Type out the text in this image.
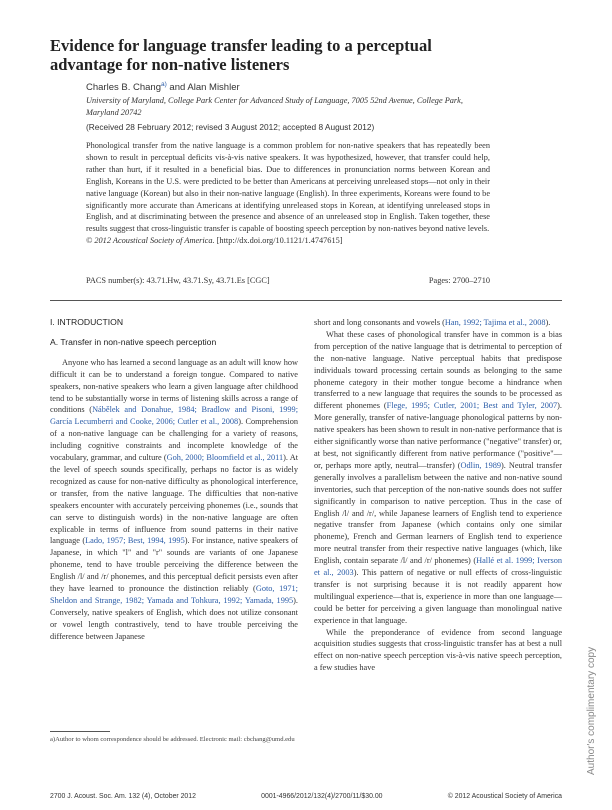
Evidence for language transfer leading to a perceptual advantage for non-native listeners
Charles B. Chang$^{a)}$ and Alan Mishler
University of Maryland, College Park Center for Advanced Study of Language, 7005 52nd Avenue, College Park, Maryland 20742
(Received 28 February 2012; revised 3 August 2012; accepted 8 August 2012)
Phonological transfer from the native language is a common problem for non-native speakers that has repeatedly been shown to result in perceptual deficits vis-à-vis native speakers. It was hypothesized, however, that transfer could help, rather than hurt, if it resulted in a beneficial bias. Due to differences in pronunciation norms between Korean and English, Koreans in the U.S. were predicted to be better than Americans at perceiving unreleased stops—not only in their native language (Korean) but also in their non-native language (English). In three experiments, Koreans were found to be significantly more accurate than Americans at identifying unreleased stops in Korean, at identifying unreleased stops in English, and at discriminating between the presence and absence of an unreleased stop in English. Taken together, these results suggest that cross-linguistic transfer is capable of boosting speech perception by non-natives beyond native levels.
© 2012 Acoustical Society of America. [http://dx.doi.org/10.1121/1.4747615]
PACS number(s): 43.71.Hw, 43.71.Sy, 43.71.Es [CGC]	Pages: 2700–2710
I. INTRODUCTION
A. Transfer in non-native speech perception

Anyone who has learned a second language as an adult will know how difficult it can be to understand a foreign tongue. Compared to native speakers, non-native speakers who learn a given language after childhood tend to be substantially worse in terms of listening skills across a range of conditions (Nábělek and Donahue, 1984; Bradlow and Pisoni, 1999; García Lecumberri and Cooke, 2006; Cutler et al., 2008). Comprehension of a non-native language can be challenging for a variety of reasons, including cognitive constraints and incomplete knowledge of the vocabulary, grammar, and culture (Goh, 2000; Bloomfield et al., 2011). At the level of speech sounds specifically, perhaps no factor is as widely recognized as cause for non-native difficulty as phonological interference, or transfer, from the native language. The difficulties that non-native speakers encounter with accurately perceiving phonemes (i.e., sounds that can serve to distinguish words) in the non-native language are often explicable in terms of influence from sound patterns in their native language (Lado, 1957; Best, 1994, 1995). For instance, native speakers of Japanese, in which "l" and "r" sounds are variants of one Japanese phoneme, tend to have trouble perceiving the difference between the English /l/ and /r/ phonemes, and this perceptual deficit persists even after they have learned to pronounce the distinction reliably (Goto, 1971; Sheldon and Strange, 1982; Yamada and Tohkura, 1992; Yamada, 1995). Conversely, native speakers of English, which does not utilize consonant or vowel length contrastively, tend to have trouble perceiving the difference between Japanese

short and long consonants and vowels (Han, 1992; Tajima et al., 2008).

What these cases of phonological transfer have in common is a bias from perception of the native language that is detrimental to perception of the non-native language. Native perceptual habits that predispose individuals toward processing certain sounds as belonging to the same phoneme category in their mother tongue become a hindrance when transferred to a new language that requires the sounds to be processed as different phonemes (Flege, 1995; Cutler, 2001; Best and Tyler, 2007). More generally, transfer of native-language phonological patterns by non-native speakers has been shown to result in non-native performance that is either significantly worse than native performance ("negative" transfer) or, at best, not significantly different from native performance ("positive"—or, perhaps more aptly, neutral—transfer) (Odlin, 1989). Neutral transfer generally involves a parallelism between the native and non-native sound inventories, such that perception of the non-native sounds does not suffer significantly in comparison to native perception. Thus in the case of English /l/ and /r/, while Japanese learners of English tend to experience negative transfer from Japanese (which contains only one similar phoneme), French and German learners of English tend to experience more neutral transfer from their respective native languages (which, like English, contain separate /l/ and /r/ phonemes) (Hallé et al. 1999; Iverson et al., 2003). This pattern of negative or null effects of cross-linguistic transfer is not surprising because it is not readily apparent how multilingual experience—that is, experience in more than one language—could be better for perceiving a given language than monolingual native experience in that language.

While the preponderance of evidence from second language acquisition studies suggests that cross-linguistic transfer has at best a null effect on non-native speech perception vis-à-vis native speech perception, a few studies have

a)Author to whom correspondence should be addressed. Electronic mail: cbchang@umd.edu
2700 J. Acoust. Soc. Am. 132 (4), October 2012	0001-4966/2012/132(4)/2700/11/$30.00	© 2012 Acoustical Society of America
Author's complimentary copy
